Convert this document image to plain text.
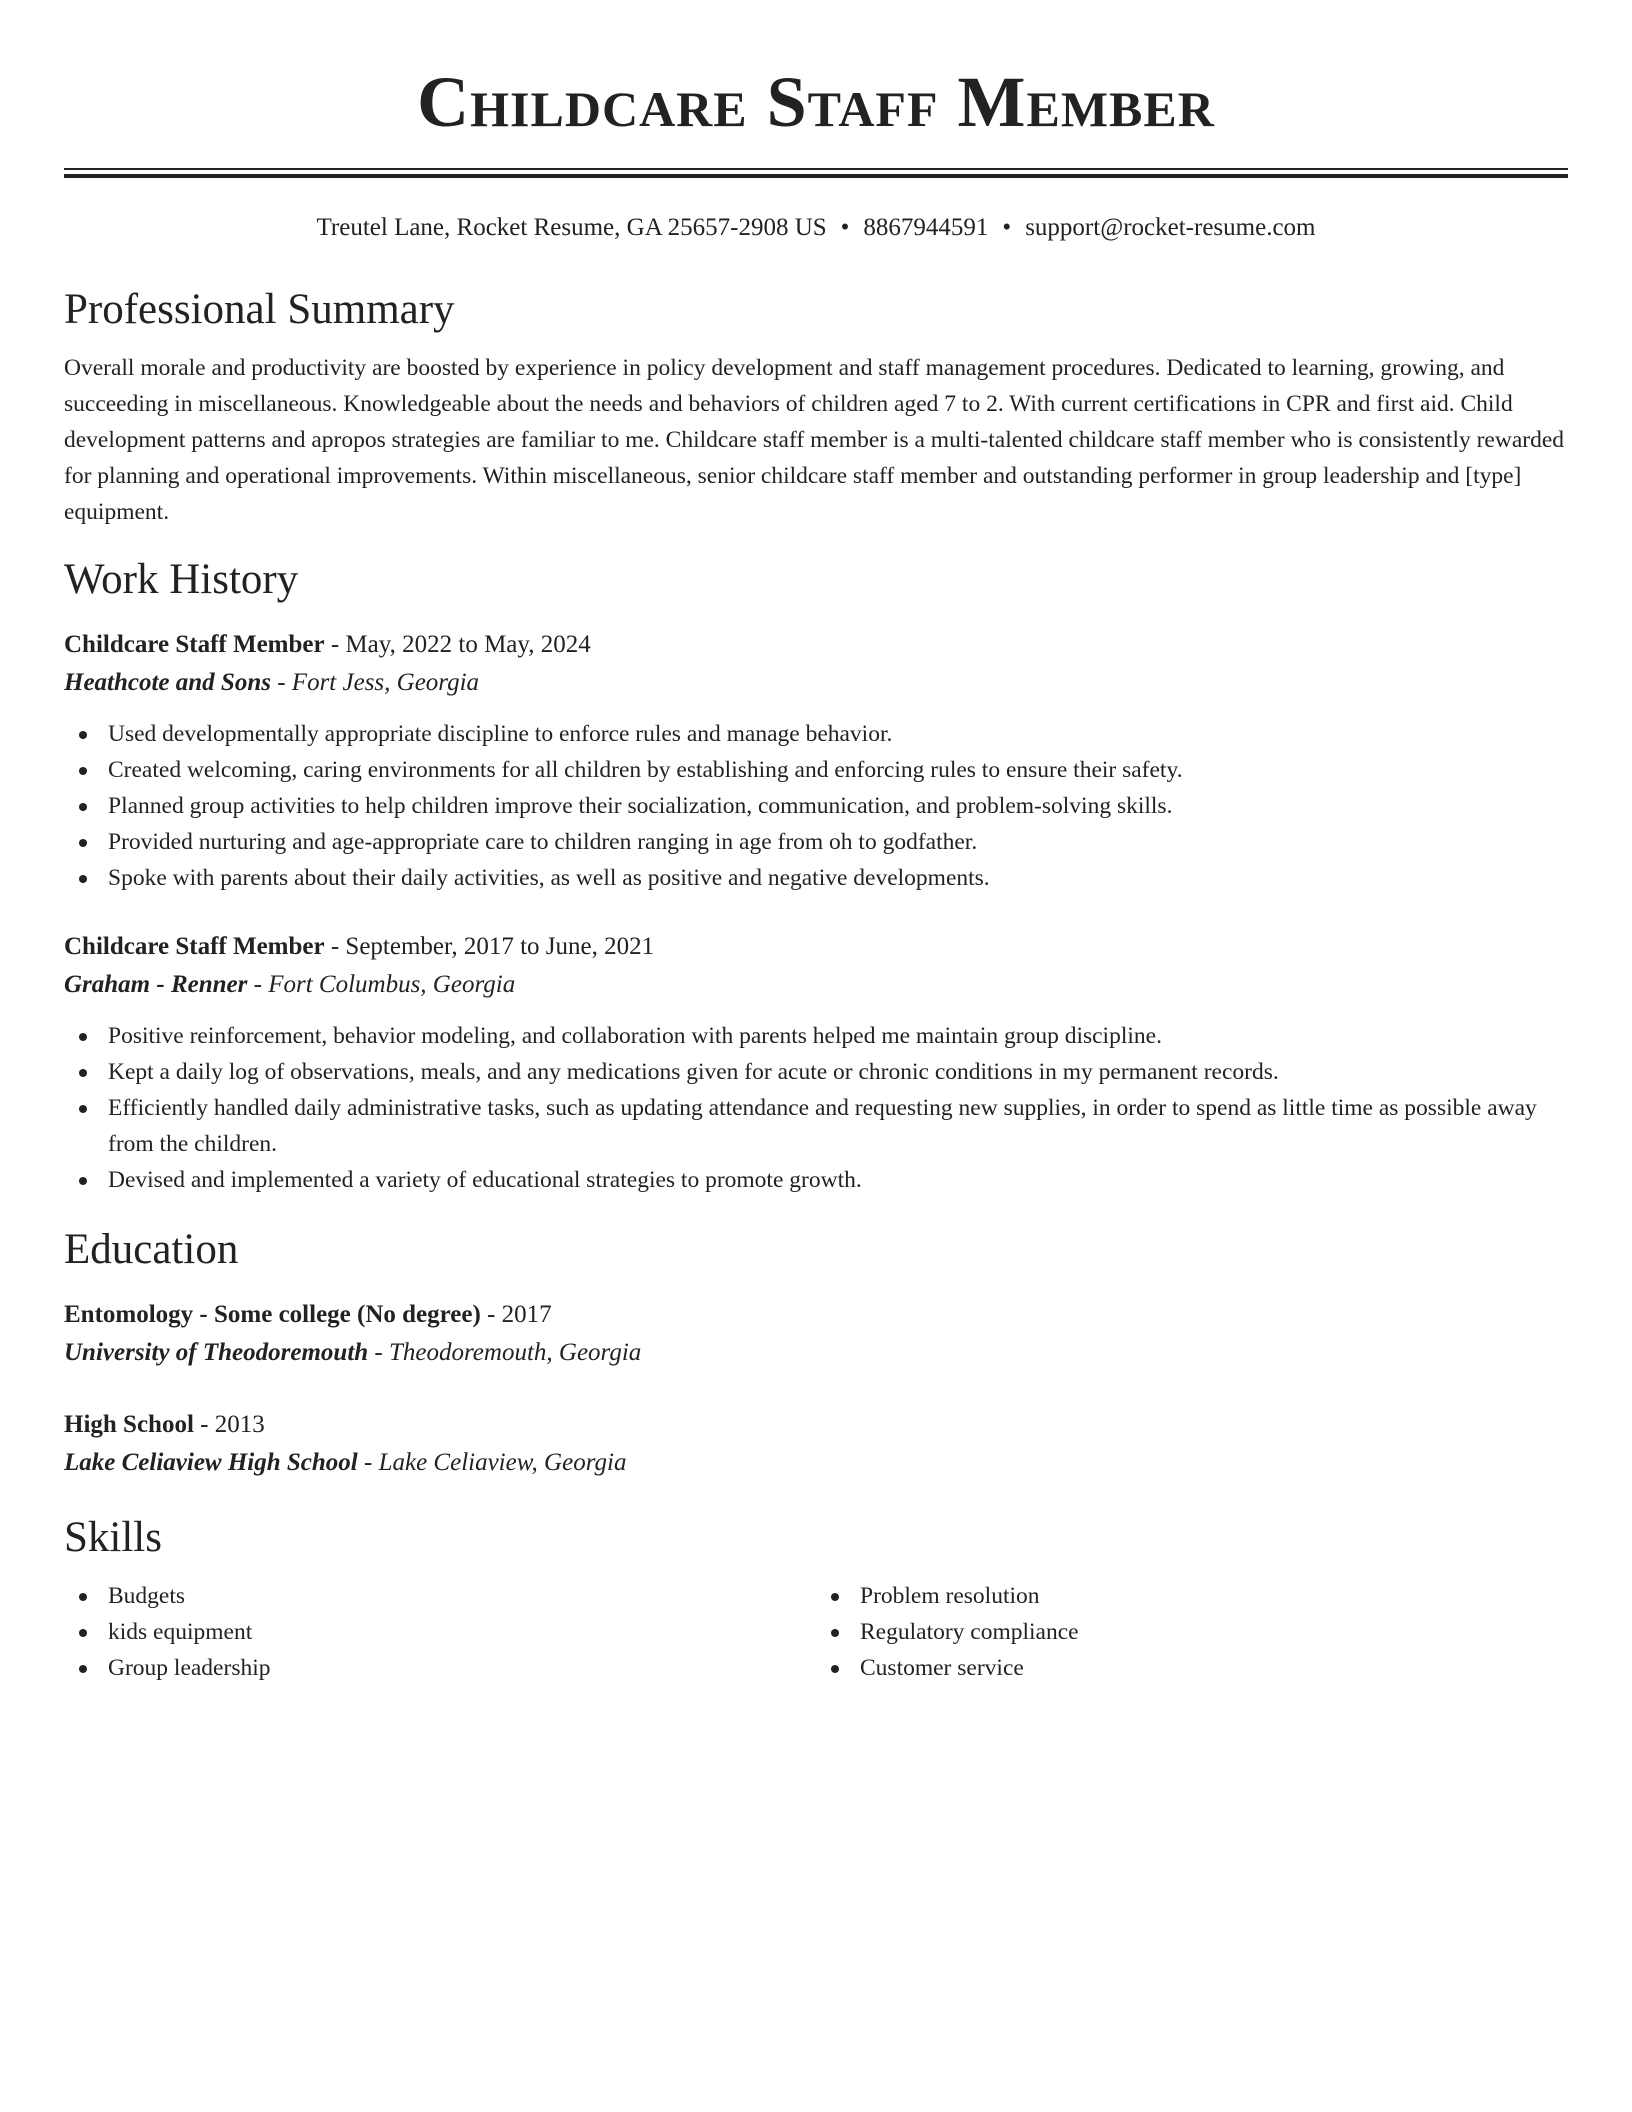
Childcare Staff Member
Treutel Lane, Rocket Resume, GA 25657-2908 US • 8867944591 • support@rocket-resume.com
Professional Summary

Overall morale and productivity are boosted by experience in policy development and staff management procedures. Dedicated to learning, growing, and succeeding in miscellaneous. Knowledgeable about the needs and behaviors of children aged 7 to 2. With current certifications in CPR and first aid. Child development patterns and apropos strategies are familiar to me. Childcare staff member is a multi-talented childcare staff member who is consistently rewarded for planning and operational improvements. Within miscellaneous, senior childcare staff member and outstanding performer in group leadership and [type] equipment.

Work History
Childcare Staff Member - May, 2022 to May, 2024
Heathcote and Sons - Fort Jess, Georgia
Used developmentally appropriate discipline to enforce rules and manage behavior.
Created welcoming, caring environments for all children by establishing and enforcing rules to ensure their safety.
Planned group activities to help children improve their socialization, communication, and problem-solving skills.
Provided nurturing and age-appropriate care to children ranging in age from oh to godfather.
Spoke with parents about their daily activities, as well as positive and negative developments.
Childcare Staff Member - September, 2017 to June, 2021
Graham - Renner - Fort Columbus, Georgia
Positive reinforcement, behavior modeling, and collaboration with parents helped me maintain group discipline.
Kept a daily log of observations, meals, and any medications given for acute or chronic conditions in my permanent records.
Efficiently handled daily administrative tasks, such as updating attendance and requesting new supplies, in order to spend as little time as possible away from the children.
Devised and implemented a variety of educational strategies to promote growth.
Education
Entomology - Some college (No degree) - 2017
University of Theodoremouth - Theodoremouth, Georgia
High School - 2013
Lake Celiaview High School - Lake Celiaview, Georgia
Skills
Budgets
kids equipment
Group leadership
Problem resolution
Regulatory compliance
Customer service
